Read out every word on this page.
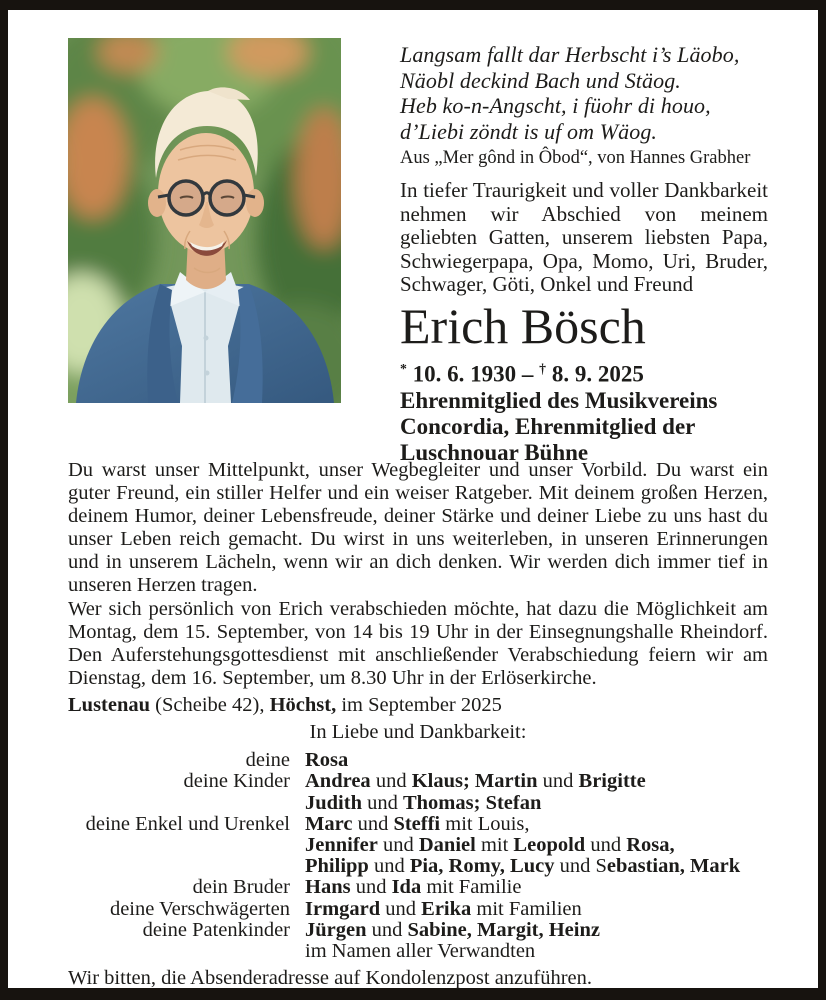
Langsam fallt dar Herbscht i’s Läobo,
Näobl deckind Bach und Stäog.
Heb ko-n-Angscht, i füohr di houo,
d’Liebi zöndt is uf om Wäog.
Aus „Mer gônd in Ôbod“, von Hannes Grabher
In tiefer Traurigkeit und voller Dankbarkeit nehmen wir Abschied von meinem geliebten Gatten, unserem liebsten Papa, Schwiegerpapa, Opa, Momo, Uri, Bruder, Schwager, Göti, Onkel und Freund
Erich Bösch
* 10. 6. 1930 – † 8. 9. 2025
Ehrenmitglied des Musikvereins
Concordia, Ehrenmitglied der
Luschnouar Bühne
Du warst unser Mittelpunkt, unser Wegbegleiter und unser Vorbild. Du warst ein guter Freund, ein stiller Helfer und ein weiser Ratgeber. Mit deinem großen Herzen, deinem Humor, deiner Lebensfreude, deiner Stärke und deiner Liebe zu uns hast du unser Leben reich gemacht. Du wirst in uns weiterleben, in unseren Erinnerungen und in unserem Lächeln, wenn wir an dich denken. Wir werden dich immer tief in unseren Herzen tragen.
Wer sich persönlich von Erich verabschieden möchte, hat dazu die Möglichkeit am Montag, dem 15. September, von 14 bis 19 Uhr in der Einsegnungshalle Rheindorf. Den Auferstehungsgottesdienst mit anschließender Verabschiedung feiern wir am Dienstag, dem 16. September, um 8.30 Uhr in der Erlöserkirche.
Lustenau (Scheibe 42), Höchst, im September 2025
In Liebe und Dankbarkeit:
deine Rosa
deine Kinder Andrea und Klaus; Martin und Brigitte
Judith und Thomas; Stefan
deine Enkel und Urenkel Marc und Steffi mit Louis,
Jennifer und Daniel mit Leopold und Rosa,
Philipp und Pia, Romy, Lucy und Sebastian, Mark
dein Bruder Hans und Ida mit Familie
deine Verschwägerten Irmgard und Erika mit Familien
deine Patenkinder Jürgen und Sabine, Margit, Heinz
im Namen aller Verwandten
Wir bitten, die Absenderadresse auf Kondolenzpost anzuführen.
